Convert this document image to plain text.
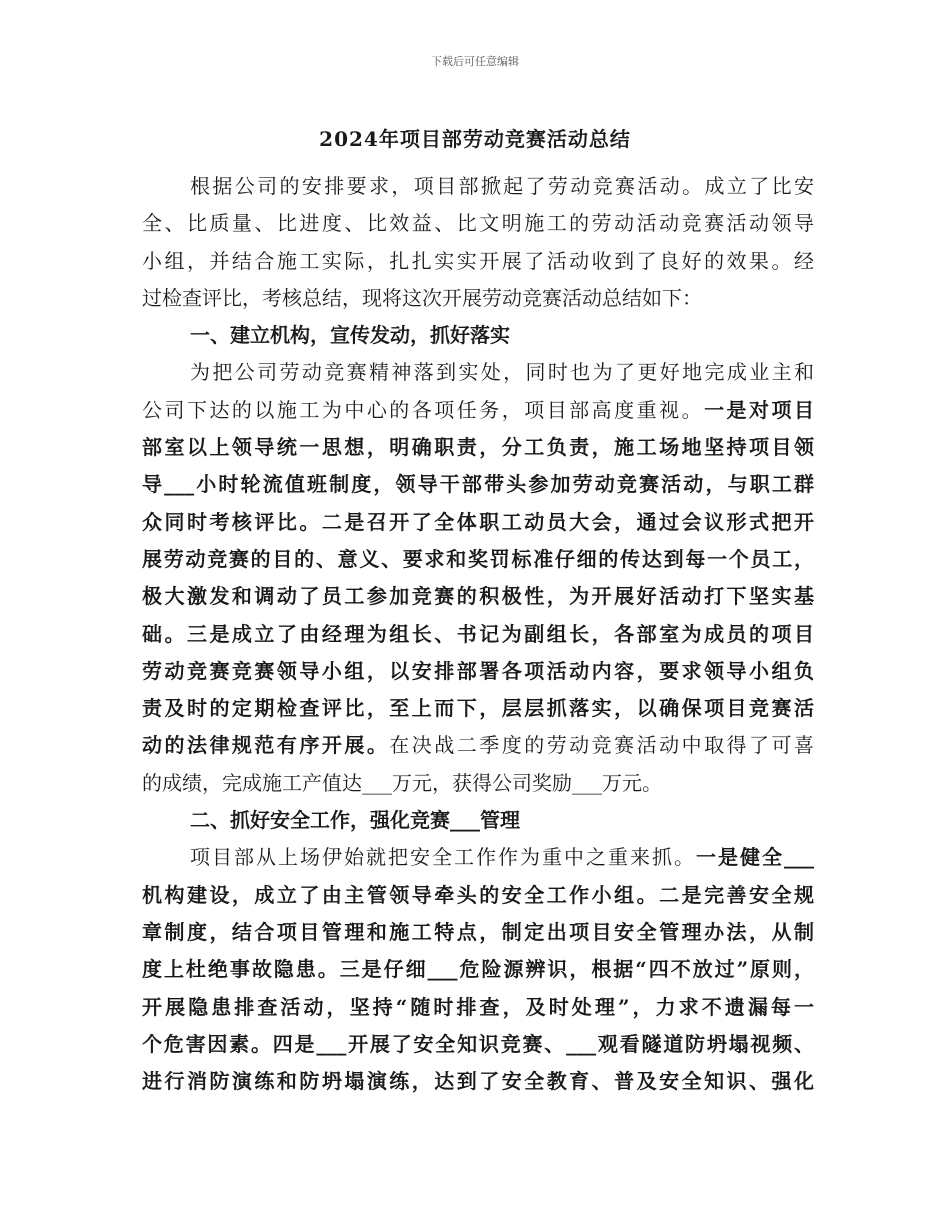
下载后可任意编辑
2024年项目部劳动竞赛活动总结
根据公司的安排要求，项目部掀起了劳动竞赛活动。成立了比安
全、比质量、比进度、比效益、比文明施工的劳动活动竞赛活动领导
小组，并结合施工实际，扎扎实实开展了活动收到了良好的效果。经
过检查评比，考核总结，现将这次开展劳动竞赛活动总结如下：
一、建立机构，宣传发动，抓好落实
为把公司劳动竞赛精神落到实处，同时也为了更好地完成业主和
公司下达的以施工为中心的各项任务，项目部高度重视。一是对项目
部室以上领导统一思想，明确职责，分工负责，施工场地坚持项目领
导___小时轮流值班制度，领导干部带头参加劳动竞赛活动，与职工群
众同时考核评比。二是召开了全体职工动员大会，通过会议形式把开
展劳动竞赛的目的、意义、要求和奖罚标准仔细的传达到每一个员工，
极大激发和调动了员工参加竞赛的积极性，为开展好活动打下坚实基
础。三是成立了由经理为组长、书记为副组长，各部室为成员的项目
劳动竞赛竞赛领导小组，以安排部署各项活动内容，要求领导小组负
责及时的定期检查评比，至上而下，层层抓落实，以确保项目竞赛活
动的法律规范有序开展。在决战二季度的劳动竞赛活动中取得了可喜
的成绩，完成施工产值达___万元，获得公司奖励___万元。
二、抓好安全工作，强化竞赛___管理
项目部从上场伊始就把安全工作作为重中之重来抓。一是健全___
机构建设，成立了由主管领导牵头的安全工作小组。二是完善安全规
章制度，结合项目管理和施工特点，制定出项目安全管理办法，从制
度上杜绝事故隐患。三是仔细___危险源辨识，根据“四不放过”原则，
开展隐患排查活动，坚持“随时排查，及时处理”，力求不遗漏每一
个危害因素。四是___开展了安全知识竞赛、___观看隧道防坍塌视频、
进行消防演练和防坍塌演练，达到了安全教育、普及安全知识、强化
